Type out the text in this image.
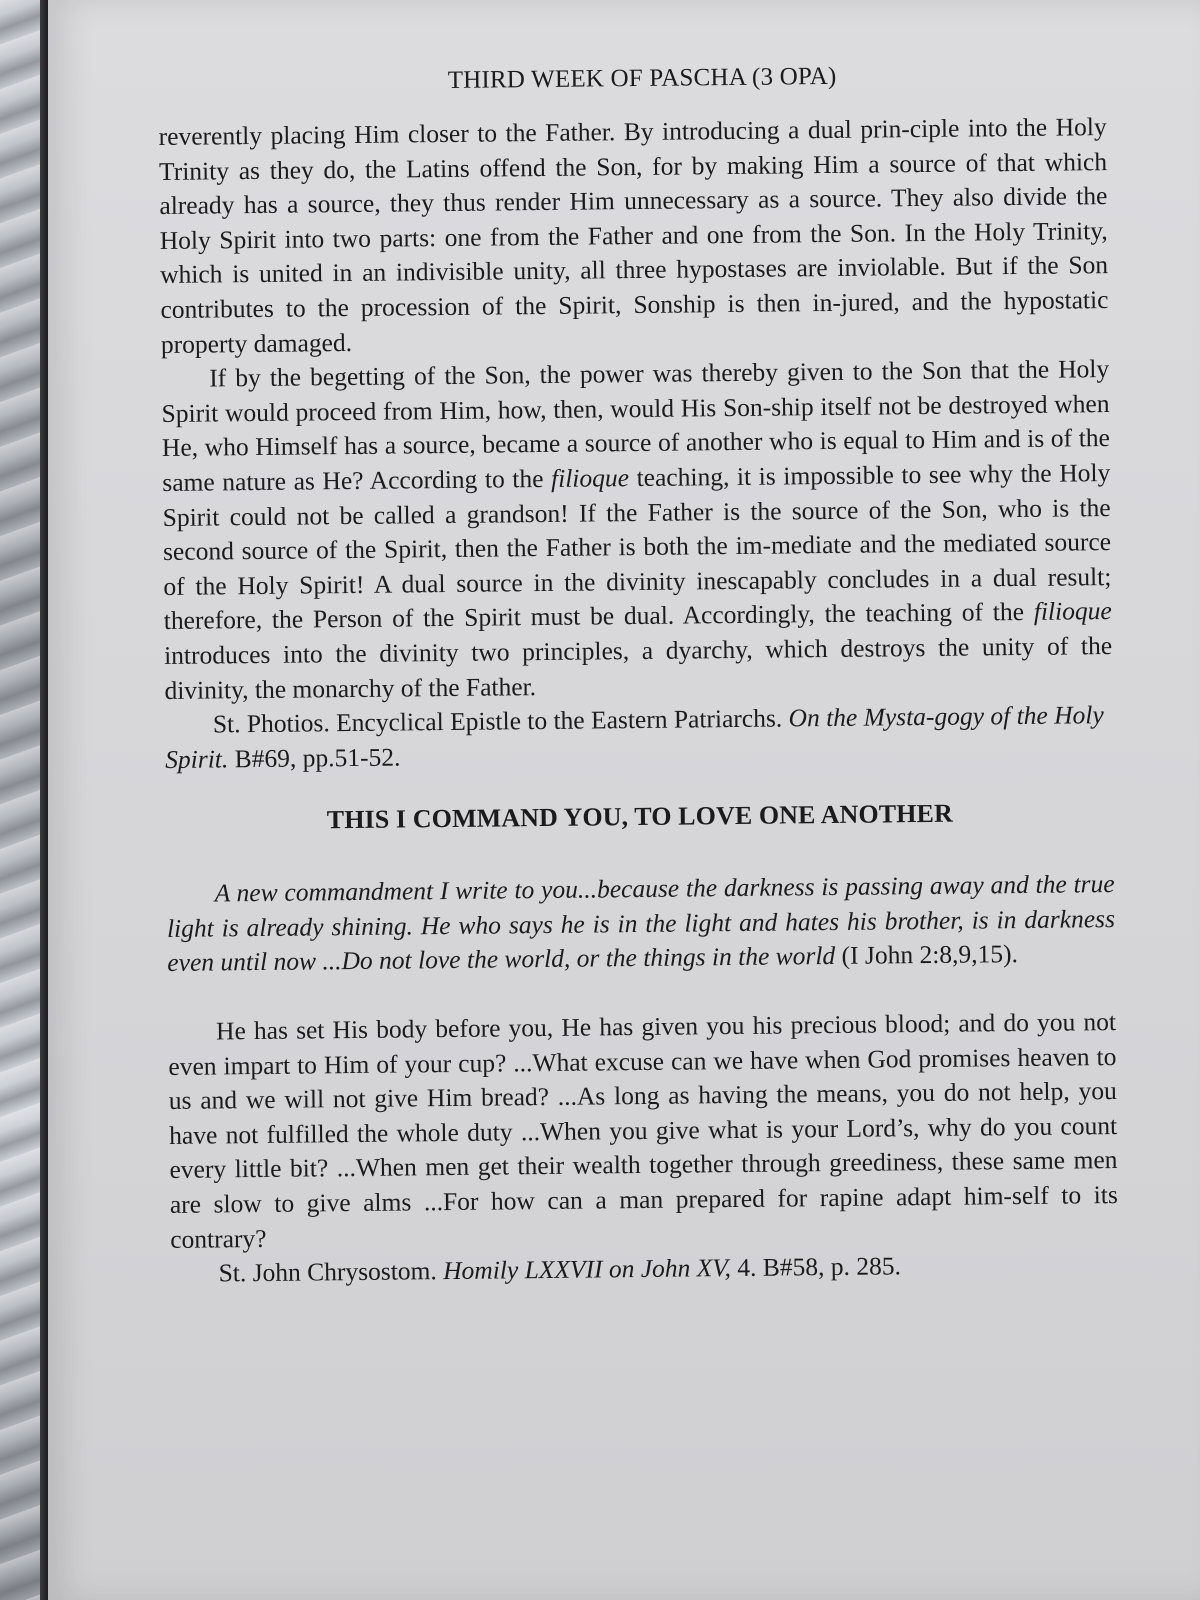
THIRD WEEK OF PASCHA (3 OPA)

reverently placing Him closer to the Father. By introducing a dual prin-ciple into the Holy Trinity as they do, the Latins offend the Son, for by making Him a source of that which already has a source, they thus render Him unnecessary as a source. They also divide the Holy Spirit into two parts: one from the Father and one from the Son. In the Holy Trinity, which is united in an indivisible unity, all three hypostases are inviolable. But if the Son contributes to the procession of the Spirit, Sonship is then in-jured, and the hypostatic property damaged.

If by the begetting of the Son, the power was thereby given to the Son that the Holy Spirit would proceed from Him, how, then, would His Son-ship itself not be destroyed when He, who Himself has a source, became a source of another who is equal to Him and is of the same nature as He? According to the filioque teaching, it is impossible to see why the Holy Spirit could not be called a grandson! If the Father is the source of the Son, who is the second source of the Spirit, then the Father is both the im-mediate and the mediated source of the Holy Spirit! A dual source in the divinity inescapably concludes in a dual result; therefore, the Person of the Spirit must be dual. Accordingly, the teaching of the filioque introduces into the divinity two principles, a dyarchy, which destroys the unity of the divinity, the monarchy of the Father.

St. Photios. Encyclical Epistle to the Eastern Patriarchs. On the Mysta-gogy of the Holy Spirit. B#69, pp.51-52.

THIS I COMMAND YOU, TO LOVE ONE ANOTHER

A new commandment I write to you...because the darkness is passing away and the true light is already shining. He who says he is in the light and hates his brother, is in darkness even until now ...Do not love the world, or the things in the world (I John 2:8,9,15).

He has set His body before you, He has given you his precious blood; and do you not even impart to Him of your cup? ...What excuse can we have when God promises heaven to us and we will not give Him bread? ...As long as having the means, you do not help, you have not fulfilled the whole duty ...When you give what is your Lord’s, why do you count every little bit? ...When men get their wealth together through greediness, these same men are slow to give alms ...For how can a man prepared for rapine adapt him-self to its contrary?

St. John Chrysostom. Homily LXXVII on John XV, 4. B#58, p. 285.
